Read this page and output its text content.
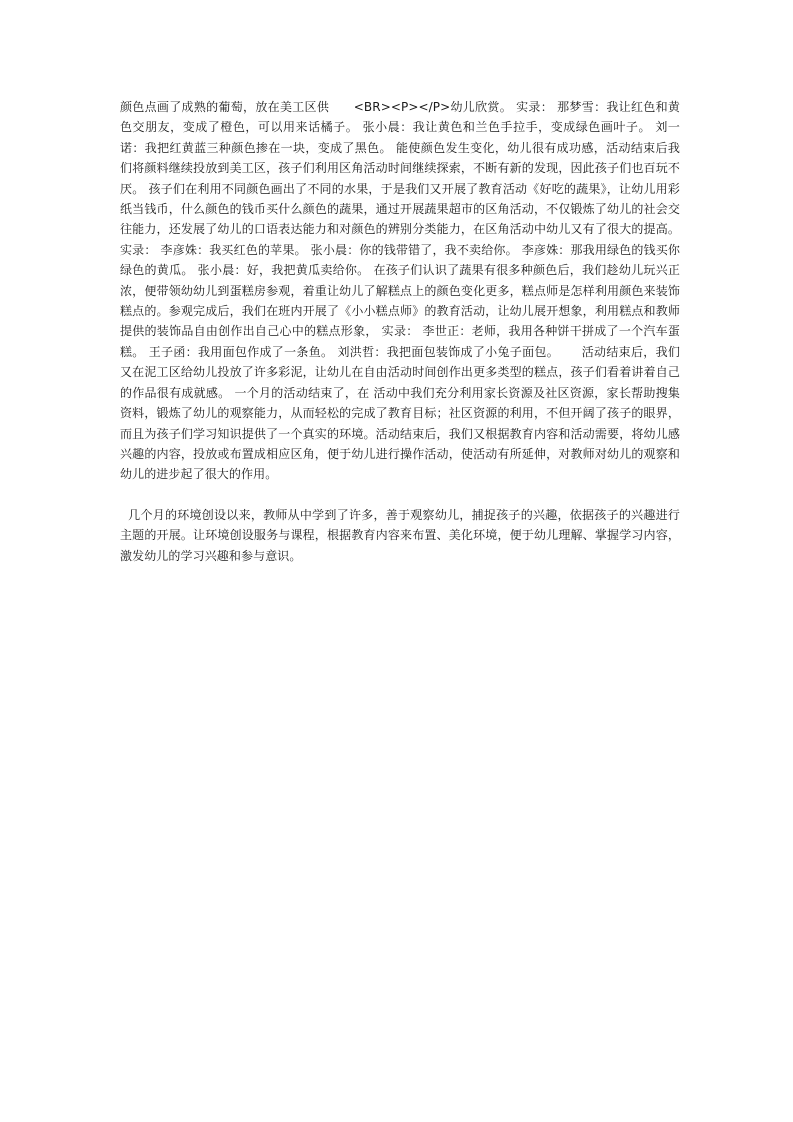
颜色点画了成熟的葡萄，放在美工区供　　<BR><P></P>幼儿欣赏。 实录： 那梦雪：我让红色和黄色交朋友，变成了橙色，可以用来话橘子。 张小晨：我让黄色和兰色手拉手，变成绿色画叶子。 刘一诺：我把红黄蓝三种颜色掺在一块，变成了黑色。 能使颜色发生变化，幼儿很有成功感，活动结束后我们将颜料继续投放到美工区，孩子们利用区角活动时间继续探索，不断有新的发现，因此孩子们也百玩不厌。 孩子们在利用不同颜色画出了不同的水果，于是我们又开展了教育活动《好吃的蔬果》，让幼儿用彩纸当钱币，什么颜色的钱币买什么颜色的蔬果，通过开展蔬果超市的区角活动，不仅锻炼了幼儿的社会交往能力，还发展了幼儿的口语表达能力和对颜色的辨别分类能力，在区角活动中幼儿又有了很大的提高。 实录： 李彦姝：我买红色的苹果。 张小晨：你的钱带错了，我不卖给你。 李彦姝：那我用绿色的钱买你绿色的黄瓜。 张小晨：好，我把黄瓜卖给你。 在孩子们认识了蔬果有很多种颜色后，我们趁幼儿玩兴正浓，便带领幼幼儿到蛋糕房参观，着重让幼儿了解糕点上的颜色变化更多，糕点师是怎样利用颜色来装饰糕点的。参观完成后，我们在班内开展了《小小糕点师》的教育活动，让幼儿展开想象，利用糕点和教师提供的装饰品自由创作出自己心中的糕点形象， 实录： 李世正：老师，我用各种饼干拼成了一个汽车蛋糕。 王子函：我用面包作成了一条鱼。 刘洪哲：我把面包装饰成了小兔子面包。　　 活动结束后，我们又在泥工区给幼儿投放了许多彩泥，让幼儿在自由活动时间创作出更多类型的糕点，孩子们看着讲着自己的作品很有成就感。 一个月的活动结束了，在 活动中我们充分利用家长资源及社区资源，家长帮助搜集资料，锻炼了幼儿的观察能力，从而轻松的完成了教育目标；社区资源的利用，不但开阔了孩子的眼界，而且为孩子们学习知识提供了一个真实的环境。活动结束后，我们又根据教育内容和活动需要，将幼儿感兴趣的内容，投放或布置成相应区角，便于幼儿进行操作活动，使活动有所延伸，对教师对幼儿的观察和幼儿的进步起了很大的作用。

几个月的环境创设以来，教师从中学到了许多，善于观察幼儿，捕捉孩子的兴趣，依据孩子的兴趣进行主题的开展。让环境创设服务与课程，根据教育内容来布置、美化环境，便于幼儿理解、掌握学习内容，激发幼儿的学习兴趣和参与意识。
